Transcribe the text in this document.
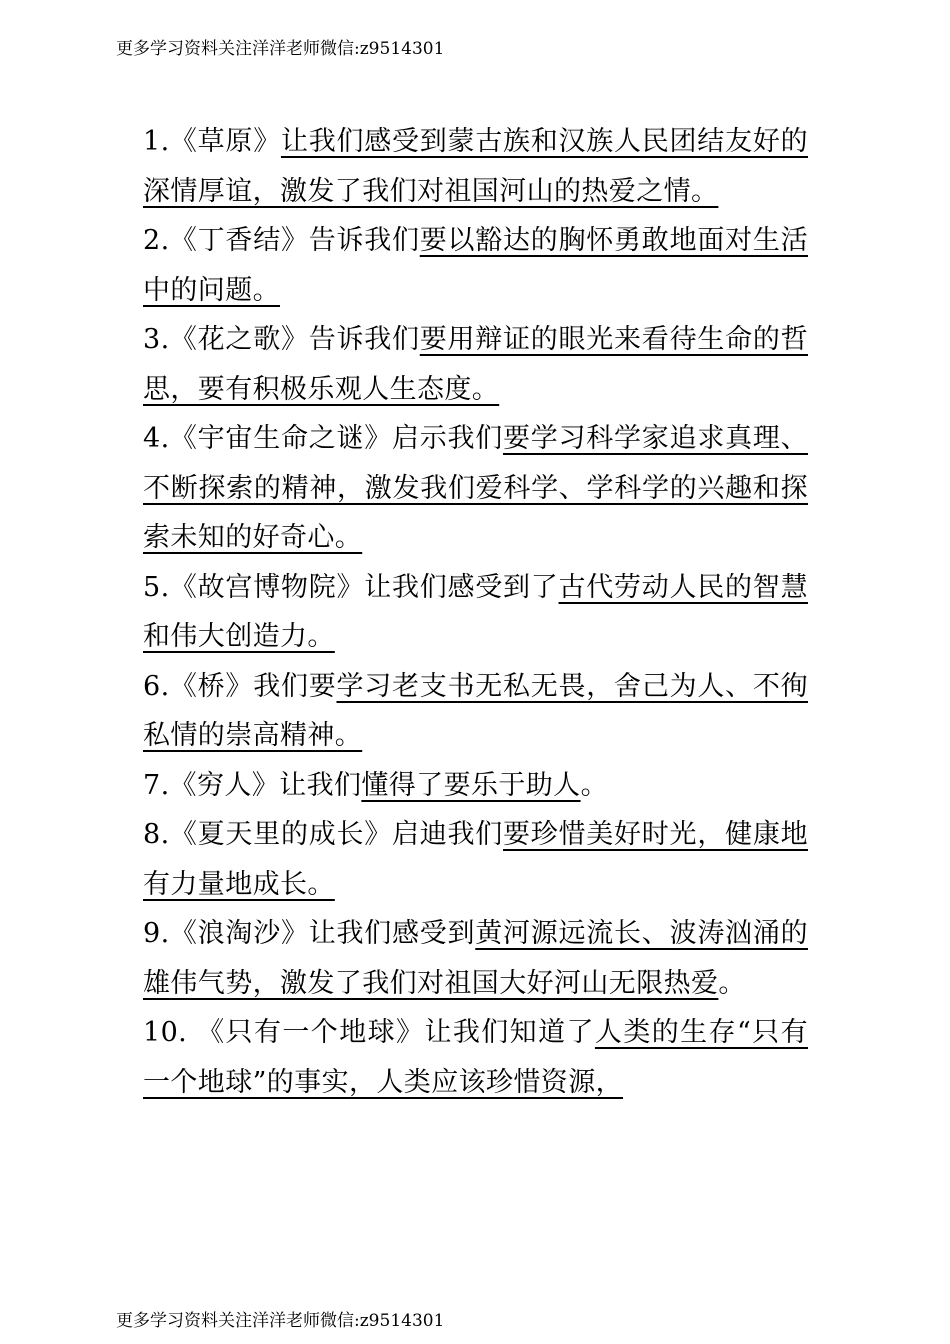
更多学习资料关注洋洋老师微信:z9514301
1.《草原》让我们感受到蒙古族和汉族人民团结友好的深情厚谊，激发了我们对祖国河山的热爱之情。
2.《丁香结》告诉我们要以豁达的胸怀勇敢地面对生活中的问题。
3.《花之歌》告诉我们要用辩证的眼光来看待生命的哲思，要有积极乐观人生态度。
4.《宇宙生命之谜》启示我们要学习科学家追求真理、不断探索的精神，激发我们爱科学、学科学的兴趣和探索未知的好奇心。
5.《故宫博物院》让我们感受到了古代劳动人民的智慧和伟大创造力。
6.《桥》我们要学习老支书无私无畏，舍己为人、不徇私情的崇高精神。
7.《穷人》让我们懂得了要乐于助人。
8.《夏天里的成长》启迪我们要珍惜美好时光，健康地有力量地成长。
9.《浪淘沙》让我们感受到黄河源远流长、波涛汹涌的雄伟气势，激发了我们对祖国大好河山无限热爱。
10. 《只有一个地球》让我们知道了人类的生存“只有一个地球”的事实，人类应该珍惜资源，
更多学习资料关注洋洋老师微信:z9514301
